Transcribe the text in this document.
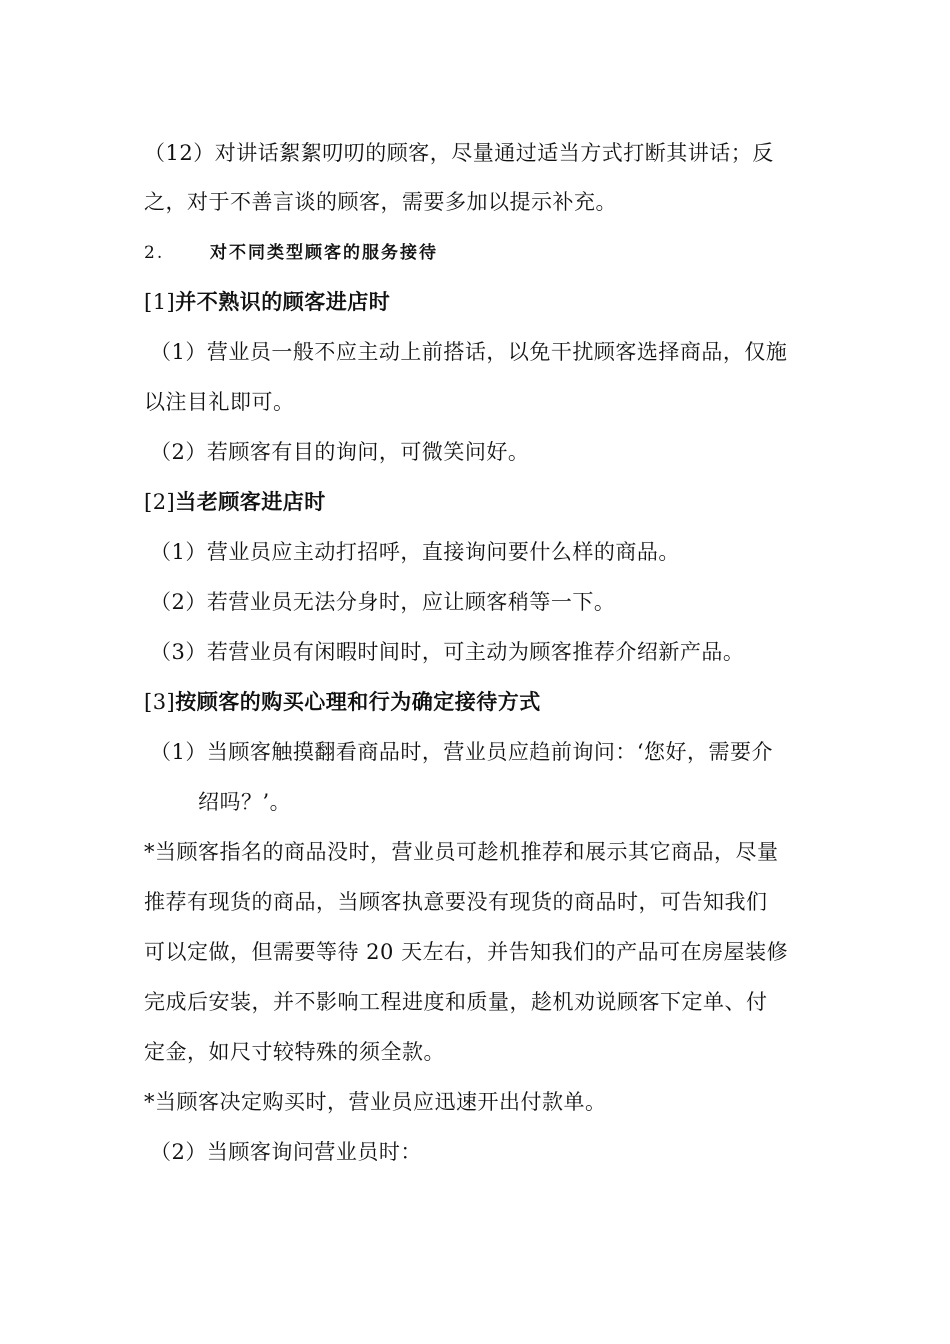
（12）对讲话絮絮叨叨的顾客，尽量通过适当方式打断其讲话；反
之，对于不善言谈的顾客，需要多加以提示补充。
2.	对不同类型顾客的服务接待
[1]并不熟识的顾客进店时
（1）营业员一般不应主动上前搭话，以免干扰顾客选择商品，仅施
以注目礼即可。
（2）若顾客有目的询问，可微笑问好。
[2]当老顾客进店时
（1）营业员应主动打招呼，直接询问要什么样的商品。
（2）若营业员无法分身时，应让顾客稍等一下。
（3）若营业员有闲暇时间时，可主动为顾客推荐介绍新产品。
[3]按顾客的购买心理和行为确定接待方式
（1）当顾客触摸翻看商品时，营业员应趋前询问：‘您好，需要介
绍吗？’。
*当顾客指名的商品没时，营业员可趁机推荐和展示其它商品，尽量
推荐有现货的商品，当顾客执意要没有现货的商品时，可告知我们
可以定做，但需要等待 20 天左右，并告知我们的产品可在房屋装修
完成后安装，并不影响工程进度和质量，趁机劝说顾客下定单、付
定金，如尺寸较特殊的须全款。
*当顾客决定购买时，营业员应迅速开出付款单。
（2）当顾客询问营业员时：
